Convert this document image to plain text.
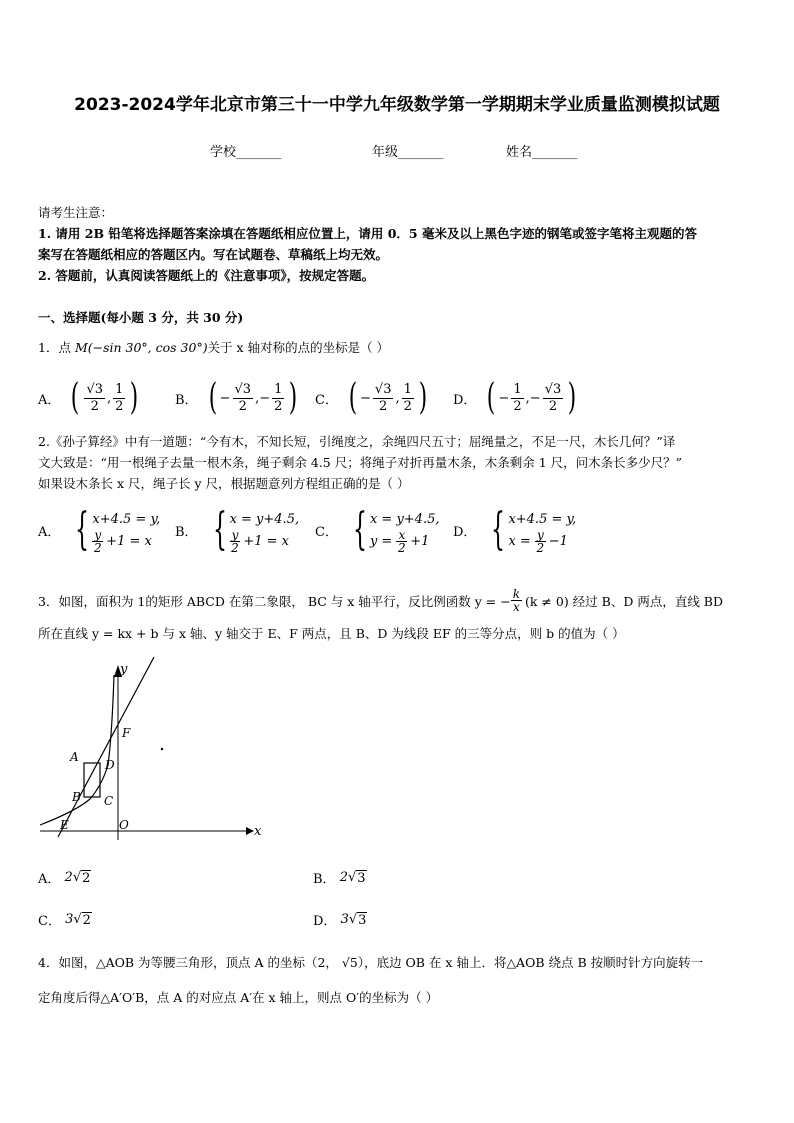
2023-2024学年北京市第三十一中学九年级数学第一学期期末学业质量监测模拟试题
学校_______	年级_______	姓名_______
请考生注意：
1. 请用 2B 铅笔将选择题答案涂填在答题纸相应位置上，请用 0．5 毫米及以上黑色字迹的钢笔或签字笔将主观题的答
案写在答题纸相应的答题区内。写在试题卷、草稿纸上均无效。
2. 答题前，认真阅读答题纸上的《注意事项》，按规定答题。
一、选择题(每小题 3 分，共 30 分)
1．点 M(−sin 30°, cos 30°)关于 x 轴对称的点的坐标是（ ）
A． ( $\frac{√3}{2}$ , $\frac{1}{2}$ )	B． ( − $\frac{√3}{2}$ ,− $\frac{1}{2}$ ) C． ( − $\frac{√3}{2}$ , $\frac{1}{2}$ ) D． ( − $\frac{1}{2}$ ,− $\frac{√3}{2}$ )
2.《孙子算经》中有一道题：“今有木，不知长短，引绳度之，余绳四尺五寸；屈绳量之，不足一尺，木长几何？”译
文大致是：“用一根绳子去量一根木条，绳子剩余 4.5 尺；将绳子对折再量木条，木条剩余 1 尺，问木条长多少尺？”
如果设木条长 x 尺，绳子长 y 尺，根据题意列方程组正确的是（ ）
A． { x+4.5 = y,
$\frac{y}{2} +1 = x$
B． { x = y+4.5,
$\frac{y}{2} +1 = x$
C． { x = y+4.5,
y =
$\frac{x}{2} +1$
D． { x+4.5 = y,
x =
$\frac{y}{2} -1$
3．如图，面积为 1的矩形 ABCD 在第二象限， BC 与 x 轴平行，反比例函数 y = − $\frac{k}{x} (k \ne 0)$ 经过 B、D 两点，直线 BD
所在直线 y = kx + b 与 x 轴、y 轴交于 E、F 两点，且 B、D 为线段 EF 的三等分点，则 b 的值为（ ）
x
y
A
B C
D
E
F
O
A．
2 √ 2	B．
2 √ 3
C．
3 √ 2	D．
3 √ 3
4．如图，△AOB 为等腰三角形，顶点 A 的坐标（2， √5），底边 OB 在 x 轴上．将△AOB 绕点 B 按顺时针方向旋转一
定角度后得△A′O′B，点 A 的对应点 A′在 x 轴上，则点 O′的坐标为（ ）
